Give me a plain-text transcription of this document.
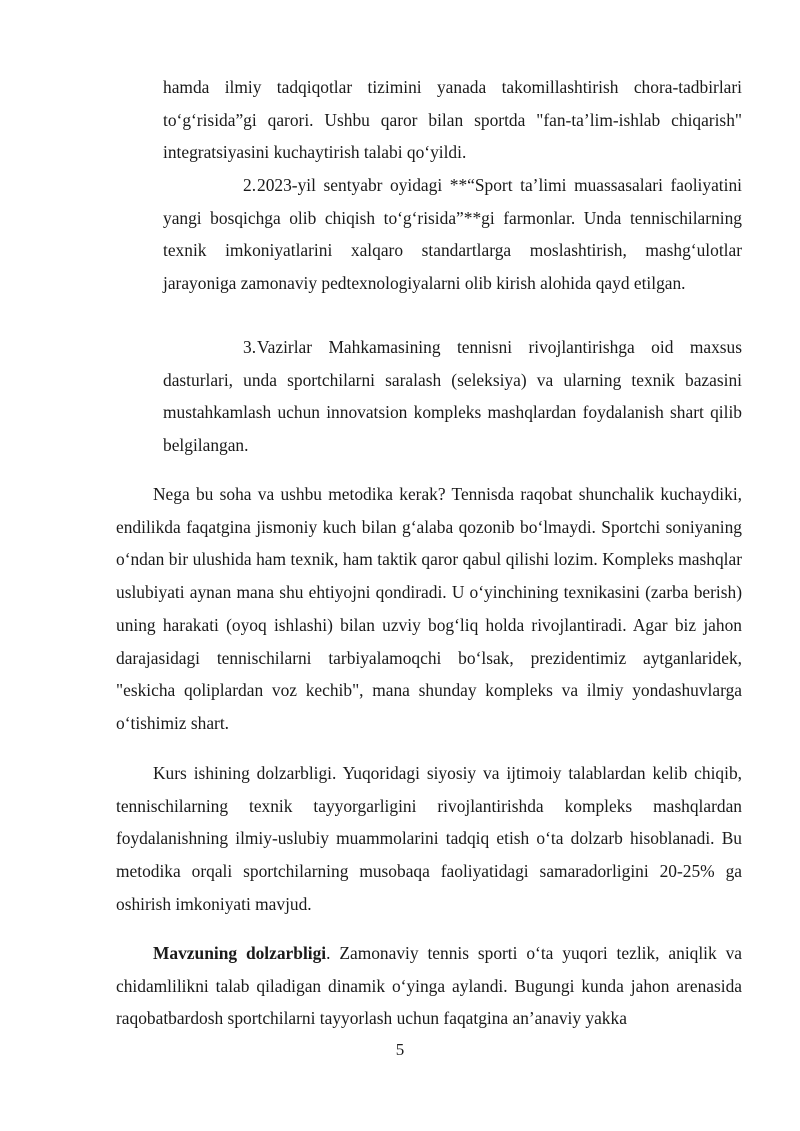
hamda ilmiy tadqiqotlar tizimini yanada takomillashtirish chora-tadbirlari to‘g‘risida”gi qarori. Ushbu qaror bilan sportda "fan-ta’lim-ishlab chiqarish" integratsiyasini kuchaytirish talabi qo‘yildi.

2.2023-yil sentyabr oyidagi **“Sport ta’limi muassasalari faoliyatini yangi bosqichga olib chiqish to‘g‘risida”**gi farmonlar. Unda tennischilarning texnik imkoniyatlarini xalqaro standartlarga moslashtirish, mashg‘ulotlar jarayoniga zamonaviy pedtexnologiyalarni olib kirish alohida qayd etilgan.

3.Vazirlar Mahkamasining tennisni rivojlantirishga oid maxsus dasturlari, unda sportchilarni saralash (seleksiya) va ularning texnik bazasini mustahkamlash uchun innovatsion kompleks mashqlardan foydalanish shart qilib belgilangan.

Nega bu soha va ushbu metodika kerak? Tennisda raqobat shunchalik kuchaydiki, endilikda faqatgina jismoniy kuch bilan g‘alaba qozonib bo‘lmaydi. Sportchi soniyaning o‘ndan bir ulushida ham texnik, ham taktik qaror qabul qilishi lozim. Kompleks mashqlar uslubiyati aynan mana shu ehtiyojni qondiradi. U o‘yinchining texnikasini (zarba berish) uning harakati (oyoq ishlashi) bilan uzviy bog‘liq holda rivojlantiradi. Agar biz jahon darajasidagi tennischilarni tarbiyalamoqchi bo‘lsak, prezidentimiz aytganlaridek, "eskicha qoliplardan voz kechib", mana shunday kompleks va ilmiy yondashuvlarga o‘tishimiz shart.

Kurs ishining dolzarbligi. Yuqoridagi siyosiy va ijtimoiy talablardan kelib chiqib, tennischilarning texnik tayyorgarligini rivojlantirishda kompleks mashqlardan foydalanishning ilmiy-uslubiy muammolarini tadqiq etish o‘ta dolzarb hisoblanadi. Bu metodika orqali sportchilarning musobaqa faoliyatidagi samaradorligini 20-25% ga oshirish imkoniyati mavjud.

Mavzuning dolzarbligi. Zamonaviy tennis sporti o‘ta yuqori tezlik, aniqlik va chidamlilikni talab qiladigan dinamik o‘yinga aylandi. Bugungi kunda jahon arenasida raqobatbardosh sportchilarni tayyorlash uchun faqatgina an’anaviy yakka

5
